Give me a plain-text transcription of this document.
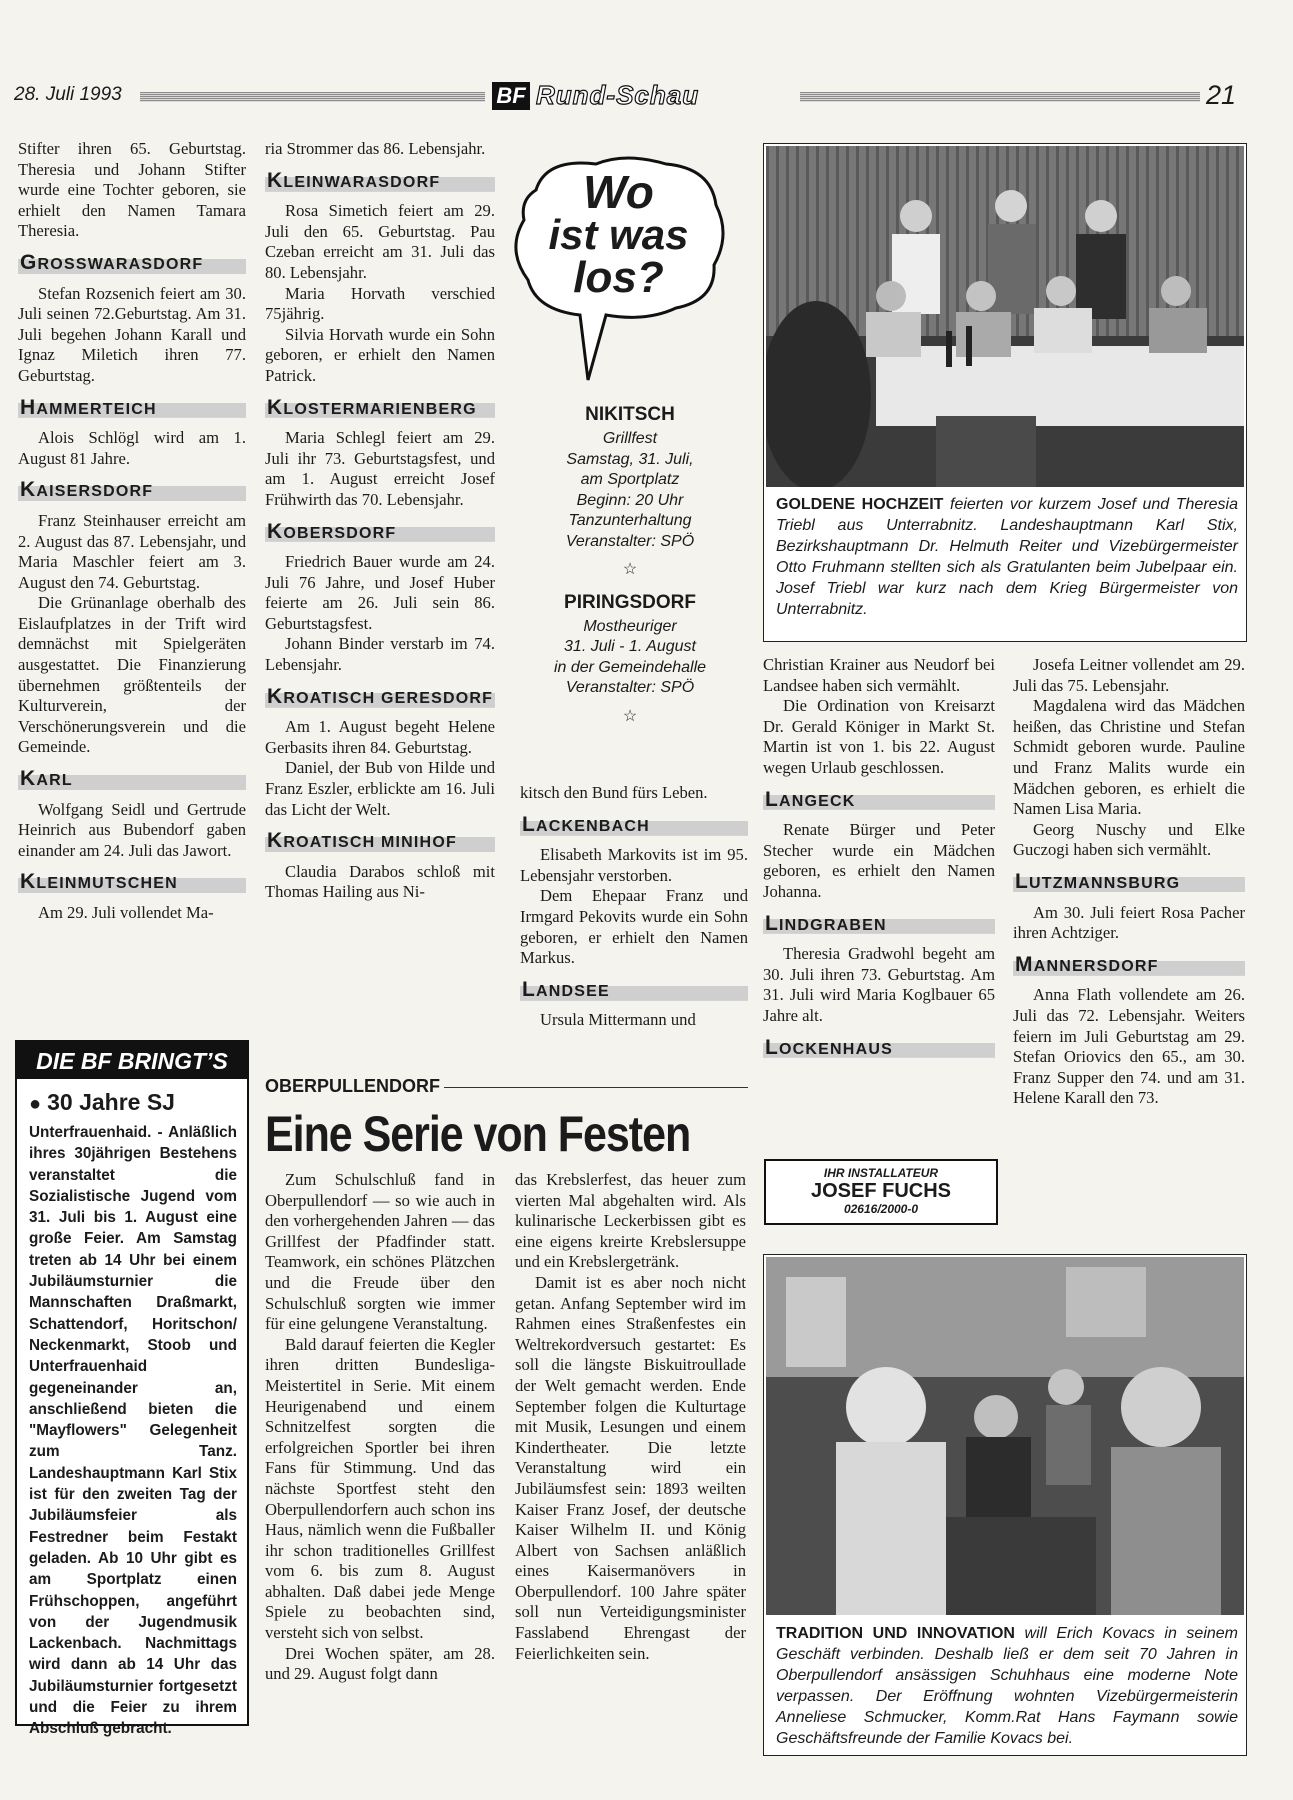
28. Juli 1993	BF Rund-Schau	21

Stifter ihren 65. Geburtstag. Theresia und Johann Stifter wurde eine Tochter geboren, sie erhielt den Namen Tamara Theresia.

GROSSWARASDORF

Stefan Rozsenich feiert am 30. Juli seinen 72.Geburtstag. Am 31. Juli begehen Johann Karall und Ignaz Miletich ihren 77. Geburtstag.

HAMMERTEICH

Alois Schlögl wird am 1. August 81 Jahre.

KAISERSDORF

Franz Steinhauser erreicht am 2. August das 87. Lebensjahr, und Maria Maschler feiert am 3. August den 74. Geburtstag.

Die Grünanlage oberhalb des Eislaufplatzes in der Trift wird demnächst mit Spielgeräten ausgestattet. Die Finanzierung übernehmen größtenteils der Kulturverein, der Verschönerungsverein und die Gemeinde.

KARL

Wolfgang Seidl und Gertrude Heinrich aus Bubendorf gaben einander am 24. Juli das Jawort.

KLEINMUTSCHEN

Am 29. Juli vollendet Ma-

ria Strommer das 86. Lebensjahr.

KLEINWARASDORF

Rosa Simetich feiert am 29. Juli den 65. Geburtstag. Pau Czeban erreicht am 31. Juli das 80. Lebensjahr.

Maria Horvath verschied 75jährig.

Silvia Horvath wurde ein Sohn geboren, er erhielt den Namen Patrick.

KLOSTERMARIENBERG

Maria Schlegl feiert am 29. Juli ihr 73. Geburtstagsfest, und am 1. August erreicht Josef Frühwirth das 70. Lebensjahr.

KOBERSDORF

Friedrich Bauer wurde am 24. Juli 76 Jahre, und Josef Huber feierte am 26. Juli sein 86. Geburtstagsfest.

Johann Binder verstarb im 74. Lebensjahr.

KROATISCH GERESDORF

Am 1. August begeht Helene Gerbasits ihren 84. Geburtstag.

Daniel, der Bub von Hilde und Franz Eszler, erblickte am 16. Juli das Licht der Welt.

KROATISCH MINIHOF

Claudia Darabos schloß mit Thomas Hailing aus Ni-

Wo
ist was
los?
NIKITSCH
Grillfest
Samstag, 31. Juli,
am Sportplatz
Beginn: 20 Uhr
Tanzunterhaltung
Veranstalter: SPÖ
☆
PIRINGSDORF
Mostheuriger
31. Juli - 1. August
in der Gemeindehalle
Veranstalter: SPÖ
☆

kitsch den Bund fürs Leben.

LACKENBACH

Elisabeth Markovits ist im 95. Lebensjahr verstorben.

Dem Ehepaar Franz und Irmgard Pekovits wurde ein Sohn geboren, er erhielt den Namen Markus.

LANDSEE

Ursula Mittermann und

GOLDENE HOCHZEIT feierten vor kurzem Josef und Theresia Triebl aus Unterrabnitz. Landeshauptmann Karl Stix, Bezirkshauptmann Dr. Helmuth Reiter und Vizebürgermeister Otto Fruhmann stellten sich als Gratulanten beim Jubelpaar ein. Josef Triebl war kurz nach dem Krieg Bürgermeister von Unterrabnitz.

Christian Krainer aus Neudorf bei Landsee haben sich vermählt.

Die Ordination von Kreisarzt Dr. Gerald Königer in Markt St. Martin ist von 1. bis 22. August wegen Urlaub geschlossen.

LANGECK

Renate Bürger und Peter Stecher wurde ein Mädchen geboren, es erhielt den Namen Johanna.

LINDGRABEN

Theresia Gradwohl begeht am 30. Juli ihren 73. Geburtstag. Am 31. Juli wird Maria Koglbauer 65 Jahre alt.

LOCKENHAUS
IHR INSTALLATEUR
JOSEF FUCHS
02616/2000-0

Josefa Leitner vollendet am 29. Juli das 75. Lebensjahr.

Magdalena wird das Mädchen heißen, das Christine und Stefan Schmidt geboren wurde. Pauline und Franz Malits wurde ein Mädchen geboren, es erhielt die Namen Lisa Maria.

Georg Nuschy und Elke Guczogi haben sich vermählt.

LUTZMANNSBURG

Am 30. Juli feiert Rosa Pacher ihren Achtziger.

MANNERSDORF

Anna Flath vollendete am 26. Juli das 72. Lebensjahr. Weiters feiern im Juli Geburtstag am 29. Stefan Oriovics den 65., am 30. Franz Supper den 74. und am 31. Helene Karall den 73.

DIE BF BRINGT’S
● 30 Jahre SJ

Unterfrauenhaid. - Anläßlich ihres 30jährigen Bestehens veranstaltet die Sozialistische Jugend vom 31. Juli bis 1. August eine große Feier. Am Samstag treten ab 14 Uhr bei einem Jubiläumsturnier die Mannschaften Draßmarkt, Schattendorf, Horitschon/ Neckenmarkt, Stoob und Unterfrauenhaid gegeneinander an, anschließend bieten die "Mayflowers" Gelegenheit zum Tanz. Landeshauptmann Karl Stix ist für den zweiten Tag der Jubiläumsfeier als Festredner beim Festakt geladen. Ab 10 Uhr gibt es am Sportplatz einen Frühschoppen, angeführt von der Jugendmusik Lackenbach. Nachmittags wird dann ab 14 Uhr das Jubiläumsturnier fortgesetzt und die Feier zu ihrem Abschluß gebracht.

OBERPULLENDORF
Eine Serie von Festen

Zum Schulschluß fand in Oberpullendorf — so wie auch in den vorhergehenden Jahren — das Grillfest der Pfadfinder statt. Teamwork, ein schönes Plätzchen und die Freude über den Schulschluß sorgten wie immer für eine gelungene Veranstaltung.

Bald darauf feierten die Kegler ihren dritten Bundesliga-Meistertitel in Serie. Mit einem Heurigenabend und einem Schnitzelfest sorgten die erfolgreichen Sportler bei ihren Fans für Stimmung. Und das nächste Sportfest steht den Oberpullendorfern auch schon ins Haus, nämlich wenn die Fußballer ihr schon traditionelles Grillfest vom 6. bis zum 8. August abhalten. Daß dabei jede Menge Spiele zu beobachten sind, versteht sich von selbst.

Drei Wochen später, am 28. und 29. August folgt dann

das Krebslerfest, das heuer zum vierten Mal abgehalten wird. Als kulinarische Leckerbissen gibt es eine eigens kreirte Krebslersuppe und ein Krebslergetränk.

Damit ist es aber noch nicht getan. Anfang September wird im Rahmen eines Straßenfestes ein Weltrekordversuch gestartet: Es soll die längste Biskuitroullade der Welt gemacht werden. Ende September folgen die Kulturtage mit Musik, Lesungen und einem Kindertheater. Die letzte Veranstaltung wird ein Jubiläumsfest sein: 1893 weilten Kaiser Franz Josef, der deutsche Kaiser Wilhelm II. und König Albert von Sachsen anläßlich eines Kaisermanövers in Oberpullendorf. 100 Jahre später soll nun Verteidigungsminister Fasslabend Ehrengast der Feierlichkeiten sein.

TRADITION UND INNOVATION will Erich Kovacs in seinem Geschäft verbinden. Deshalb ließ er dem seit 70 Jahren in Oberpullendorf ansässigen Schuhhaus eine moderne Note verpassen. Der Eröffnung wohnten Vizebürgermeisterin Anneliese Schmucker, Komm.Rat Hans Faymann sowie Geschäftsfreunde der Familie Kovacs bei.
